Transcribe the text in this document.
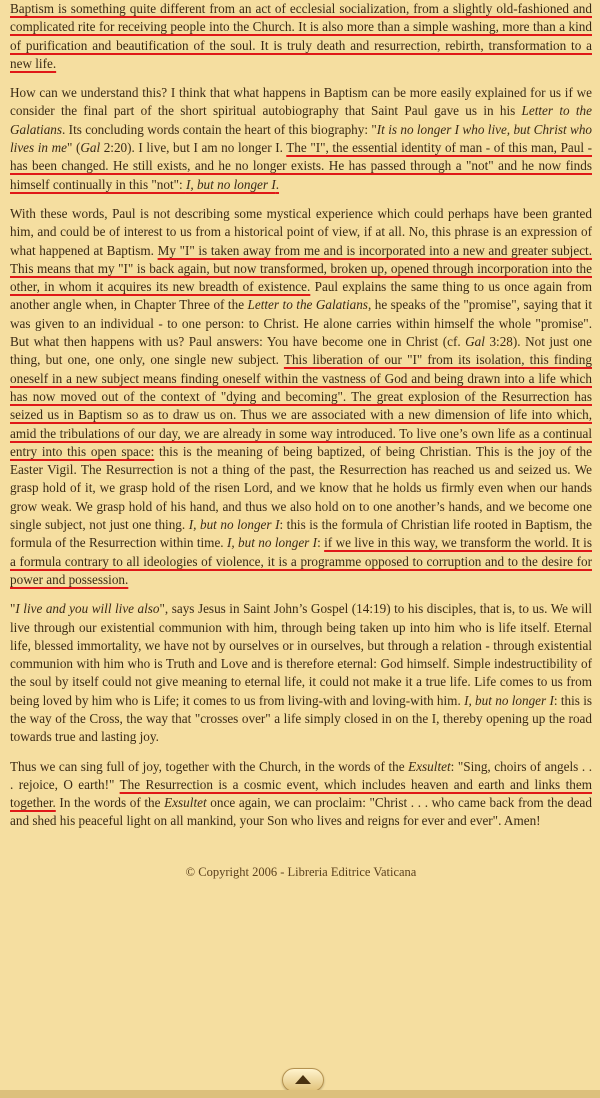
Baptism is something quite different from an act of ecclesial socialization, from a slightly old-fashioned and complicated rite for receiving people into the Church. It is also more than a simple washing, more than a kind of purification and beautification of the soul. It is truly death and resurrection, rebirth, transformation to a new life.

How can we understand this? I think that what happens in Baptism can be more easily explained for us if we consider the final part of the short spiritual autobiography that Saint Paul gave us in his Letter to the Galatians. Its concluding words contain the heart of this biography: "It is no longer I who live, but Christ who lives in me" (Gal 2:20). I live, but I am no longer I. The "I", the essential identity of man - of this man, Paul - has been changed. He still exists, and he no longer exists. He has passed through a "not" and he now finds himself continually in this "not": I, but no longer I.

With these words, Paul is not describing some mystical experience which could perhaps have been granted him, and could be of interest to us from a historical point of view, if at all. No, this phrase is an expression of what happened at Baptism. My "I" is taken away from me and is incorporated into a new and greater subject. This means that my "I" is back again, but now transformed, broken up, opened through incorporation into the other, in whom it acquires its new breadth of existence. Paul explains the same thing to us once again from another angle when, in Chapter Three of the Letter to the Galatians, he speaks of the "promise", saying that it was given to an individual - to one person: to Christ. He alone carries within himself the whole "promise". But what then happens with us? Paul answers: You have become one in Christ (cf. Gal 3:28). Not just one thing, but one, one only, one single new subject. This liberation of our "I" from its isolation, this finding oneself in a new subject means finding oneself within the vastness of God and being drawn into a life which has now moved out of the context of "dying and becoming". The great explosion of the Resurrection has seized us in Baptism so as to draw us on. Thus we are associated with a new dimension of life into which, amid the tribulations of our day, we are already in some way introduced. To live one’s own life as a continual entry into this open space: this is the meaning of being baptized, of being Christian. This is the joy of the Easter Vigil. The Resurrection is not a thing of the past, the Resurrection has reached us and seized us. We grasp hold of it, we grasp hold of the risen Lord, and we know that he holds us firmly even when our hands grow weak. We grasp hold of his hand, and thus we also hold on to one another’s hands, and we become one single subject, not just one thing. I, but no longer I: this is the formula of Christian life rooted in Baptism, the formula of the Resurrection within time. I, but no longer I: if we live in this way, we transform the world. It is a formula contrary to all ideologies of violence, it is a programme opposed to corruption and to the desire for power and possession.

"I live and you will live also", says Jesus in Saint John’s Gospel (14:19) to his disciples, that is, to us. We will live through our existential communion with him, through being taken up into him who is life itself. Eternal life, blessed immortality, we have not by ourselves or in ourselves, but through a relation - through existential communion with him who is Truth and Love and is therefore eternal: God himself. Simple indestructibility of the soul by itself could not give meaning to eternal life, it could not make it a true life. Life comes to us from being loved by him who is Life; it comes to us from living-with and loving-with him. I, but no longer I: this is the way of the Cross, the way that "crosses over" a life simply closed in on the I, thereby opening up the road towards true and lasting joy.

Thus we can sing full of joy, together with the Church, in the words of the Exsultet: "Sing, choirs of angels . . . rejoice, O earth!" The Resurrection is a cosmic event, which includes heaven and earth and links them together. In the words of the Exsultet once again, we can proclaim: "Christ . . . who came back from the dead and shed his peaceful light on all mankind, your Son who lives and reigns for ever and ever". Amen!

© Copyright 2006 - Libreria Editrice Vaticana
